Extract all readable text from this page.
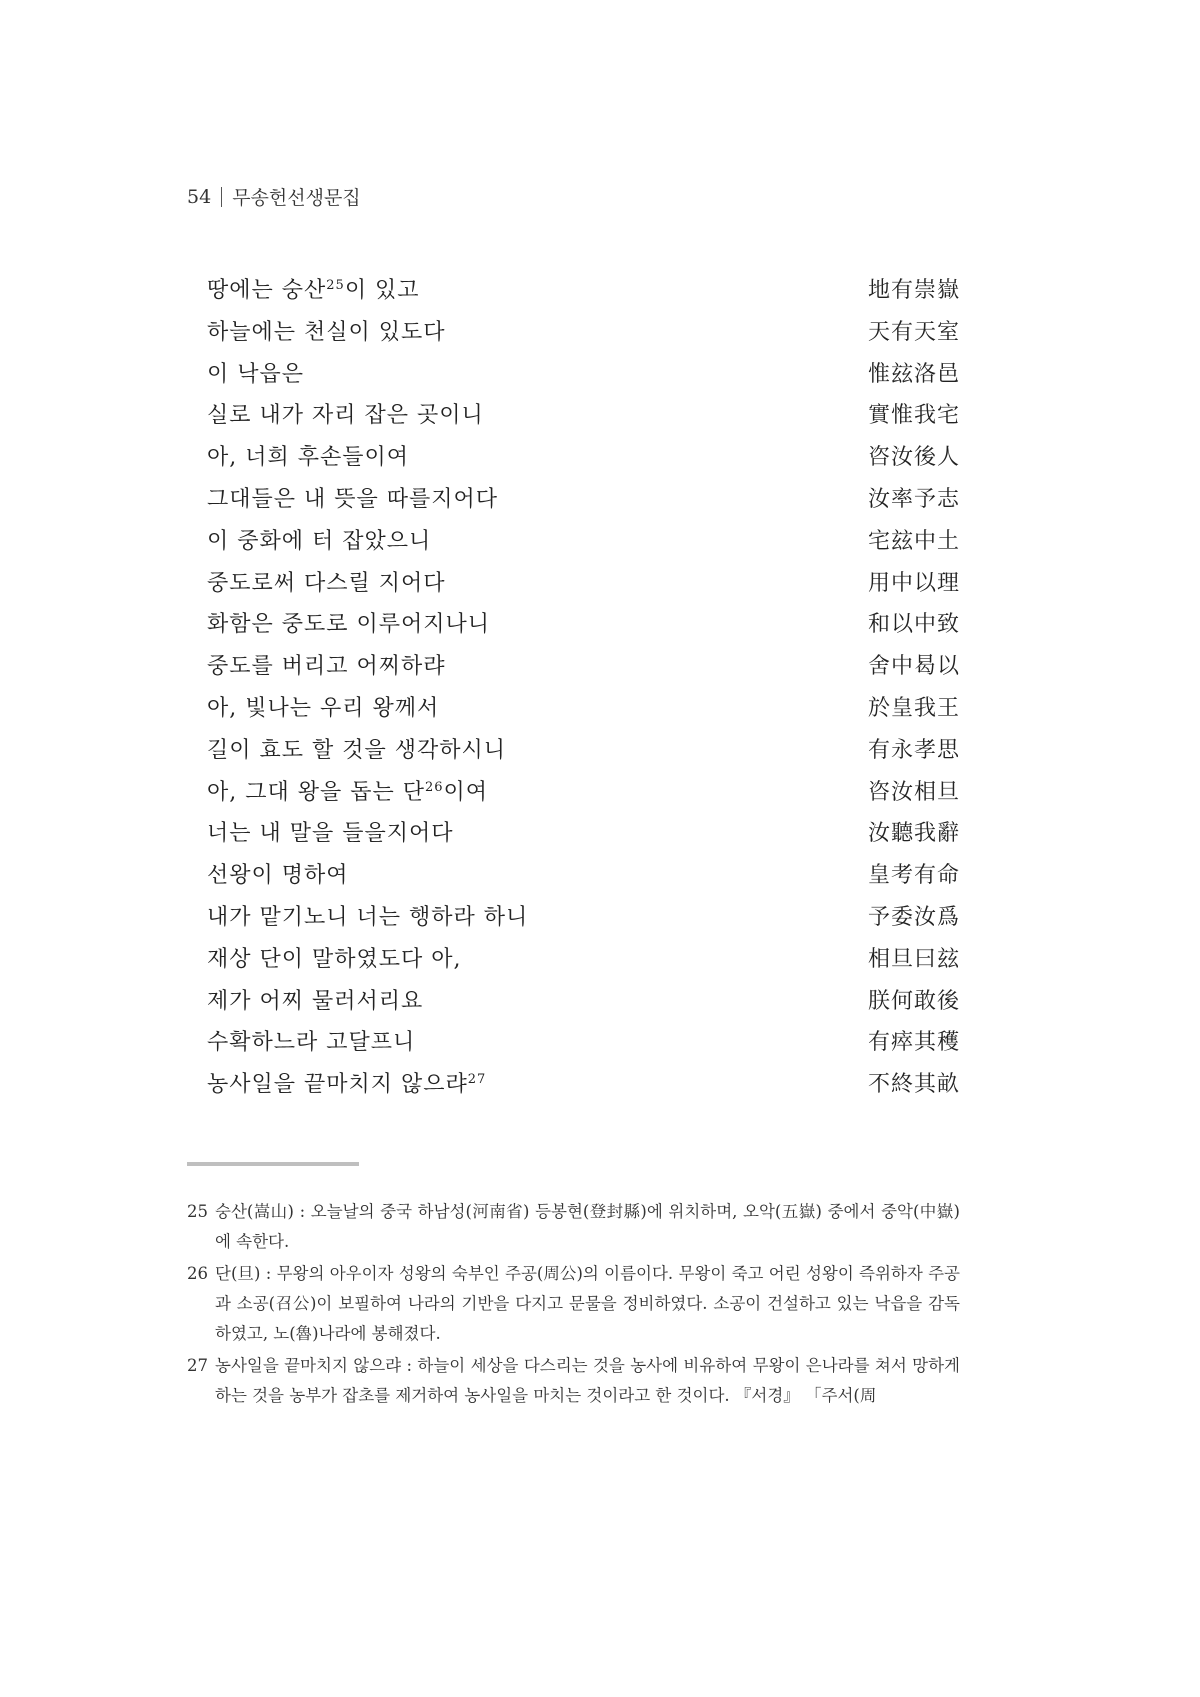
54 무송헌선생문집
땅에는 숭산$^{25}$이 있고	地有崇嶽
하늘에는 천실이 있도다	天有天室
이 낙읍은	惟玆洛邑
실로 내가 자리 잡은 곳이니	實惟我宅
아, 너희 후손들이여	咨汝後人
그대들은 내 뜻을 따를지어다	汝率予志
이 중화에 터 잡았으니	宅玆中土
중도로써 다스릴 지어다	用中以理
화함은 중도로 이루어지나니	和以中致
중도를 버리고 어찌하랴	舍中曷以
아, 빛나는 우리 왕께서	於皇我王
길이 효도 할 것을 생각하시니	有永孝思
아, 그대 왕을 돕는 단$^{26}$이여	咨汝相旦
너는 내 말을 들을지어다	汝聽我辭
선왕이 명하여	皇考有命
내가 맡기노니 너는 행하라 하니	予委汝爲
재상 단이 말하였도다 아,	相旦曰玆
제가 어찌 물러서리요	朕何敢後
수확하느라 고달프니	有瘁其穫
농사일을 끝마치지 않으랴$^{27}$	不終其畝
25 숭산(嵩山) : 오늘날의 중국 하남성(河南省) 등봉현(登封縣)에 위치하며, 오악(五嶽) 중에서 중악(中嶽)에 속한다.
26 단(旦) : 무왕의 아우이자 성왕의 숙부인 주공(周公)의 이름이다. 무왕이 죽고 어린 성왕이 즉위하자 주공과 소공(召公)이 보필하여 나라의 기반을 다지고 문물을 정비하였다. 소공이 건설하고 있는 낙읍을 감독하였고, 노(魯)나라에 봉해졌다.
27 농사일을 끝마치지 않으랴 : 하늘이 세상을 다스리는 것을 농사에 비유하여 무왕이 은나라를 쳐서 망하게 하는 것을 농부가 잡초를 제거하여 농사일을 마치는 것이라고 한 것이다. 『서경』 「주서(周
